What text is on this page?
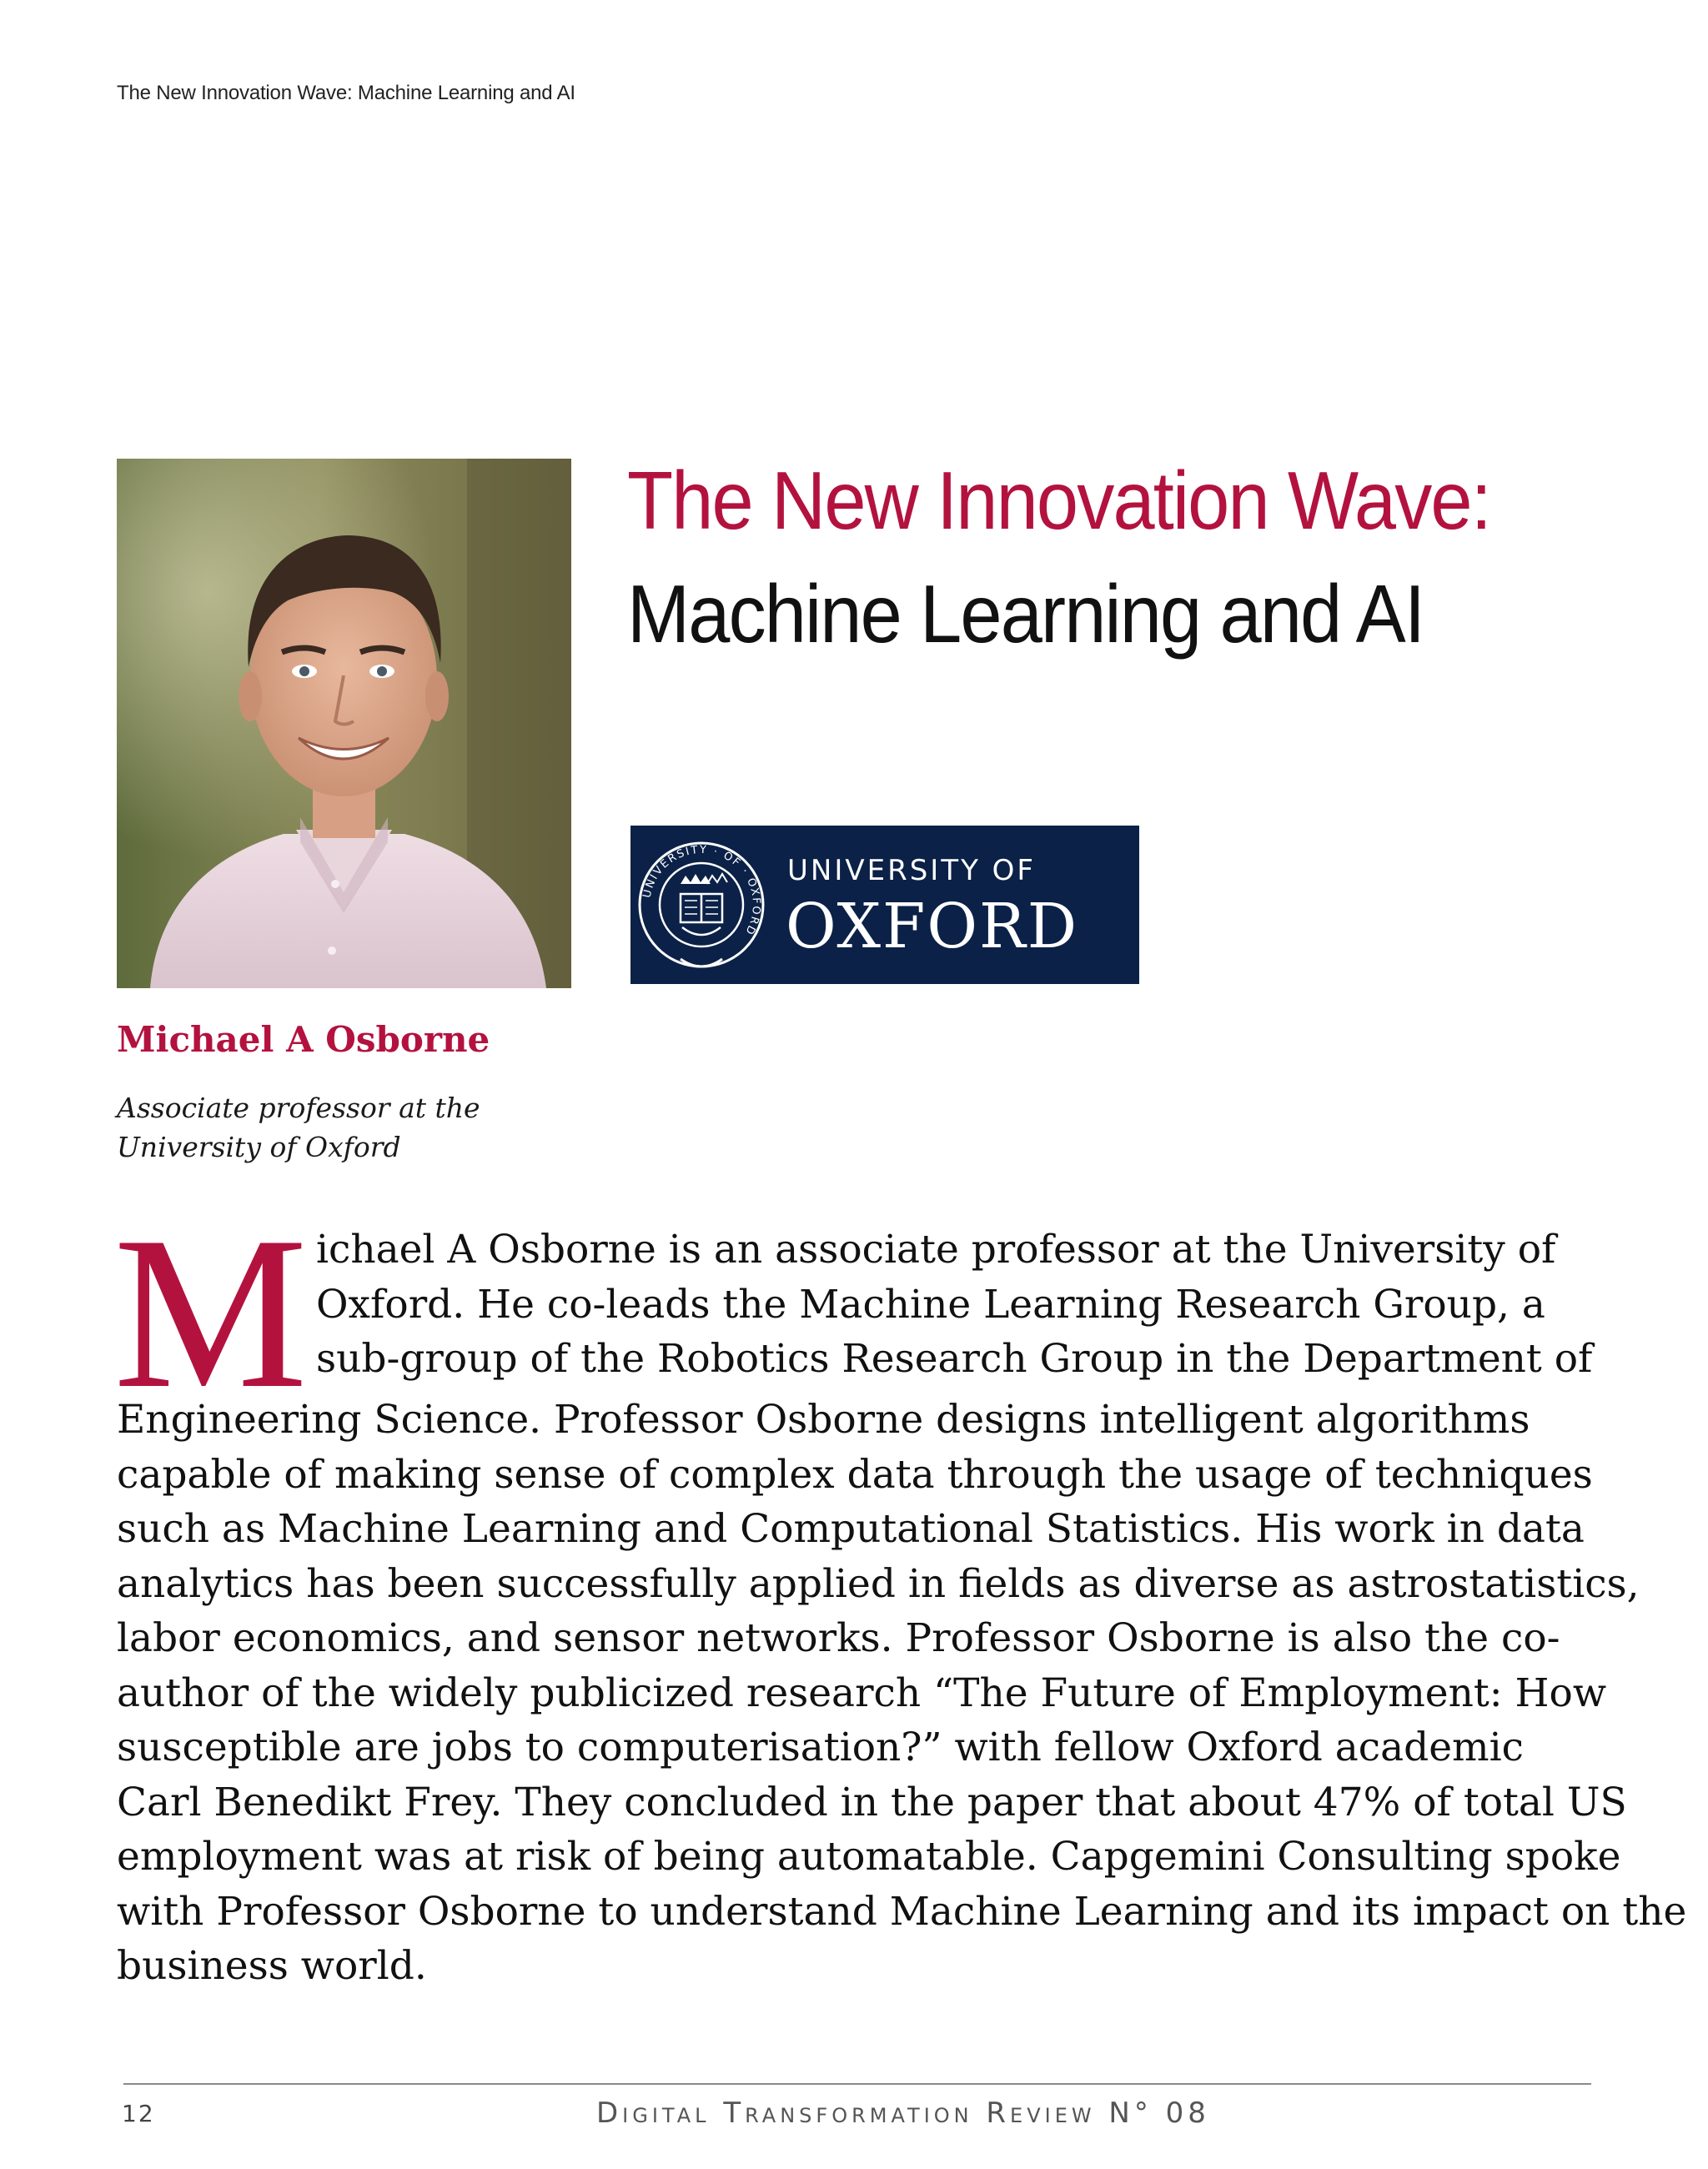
The New Innovation Wave: Machine Learning and AI
The New Innovation Wave:
Machine Learning and AI
UNIVERSITY · OF · OXFORD
UNIVERSITY OF
OXFORD
Michael A Osborne
Associate professor at the
University of Oxford
M ichael A Osborne is an associate professor at the University of
Oxford. He co-leads the Machine Learning Research Group, a
sub-group of the Robotics Research Group in the Department of
Engineering Science. Professor Osborne designs intelligent algorithms
capable of making sense of complex data through the usage of techniques
such as Machine Learning and Computational Statistics. His work in data
analytics has been successfully applied in fields as diverse as astrostatistics,
labor economics, and sensor networks. Professor Osborne is also the co-
author of the widely publicized research “The Future of Employment: How
susceptible are jobs to computerisation?” with fellow Oxford academic
Carl Benedikt Frey. They concluded in the paper that about 47% of total US
employment was at risk of being automatable. Capgemini Consulting spoke
with Professor Osborne to understand Machine Learning and its impact on the
business world.
12	Digital Transformation Review N° 08
